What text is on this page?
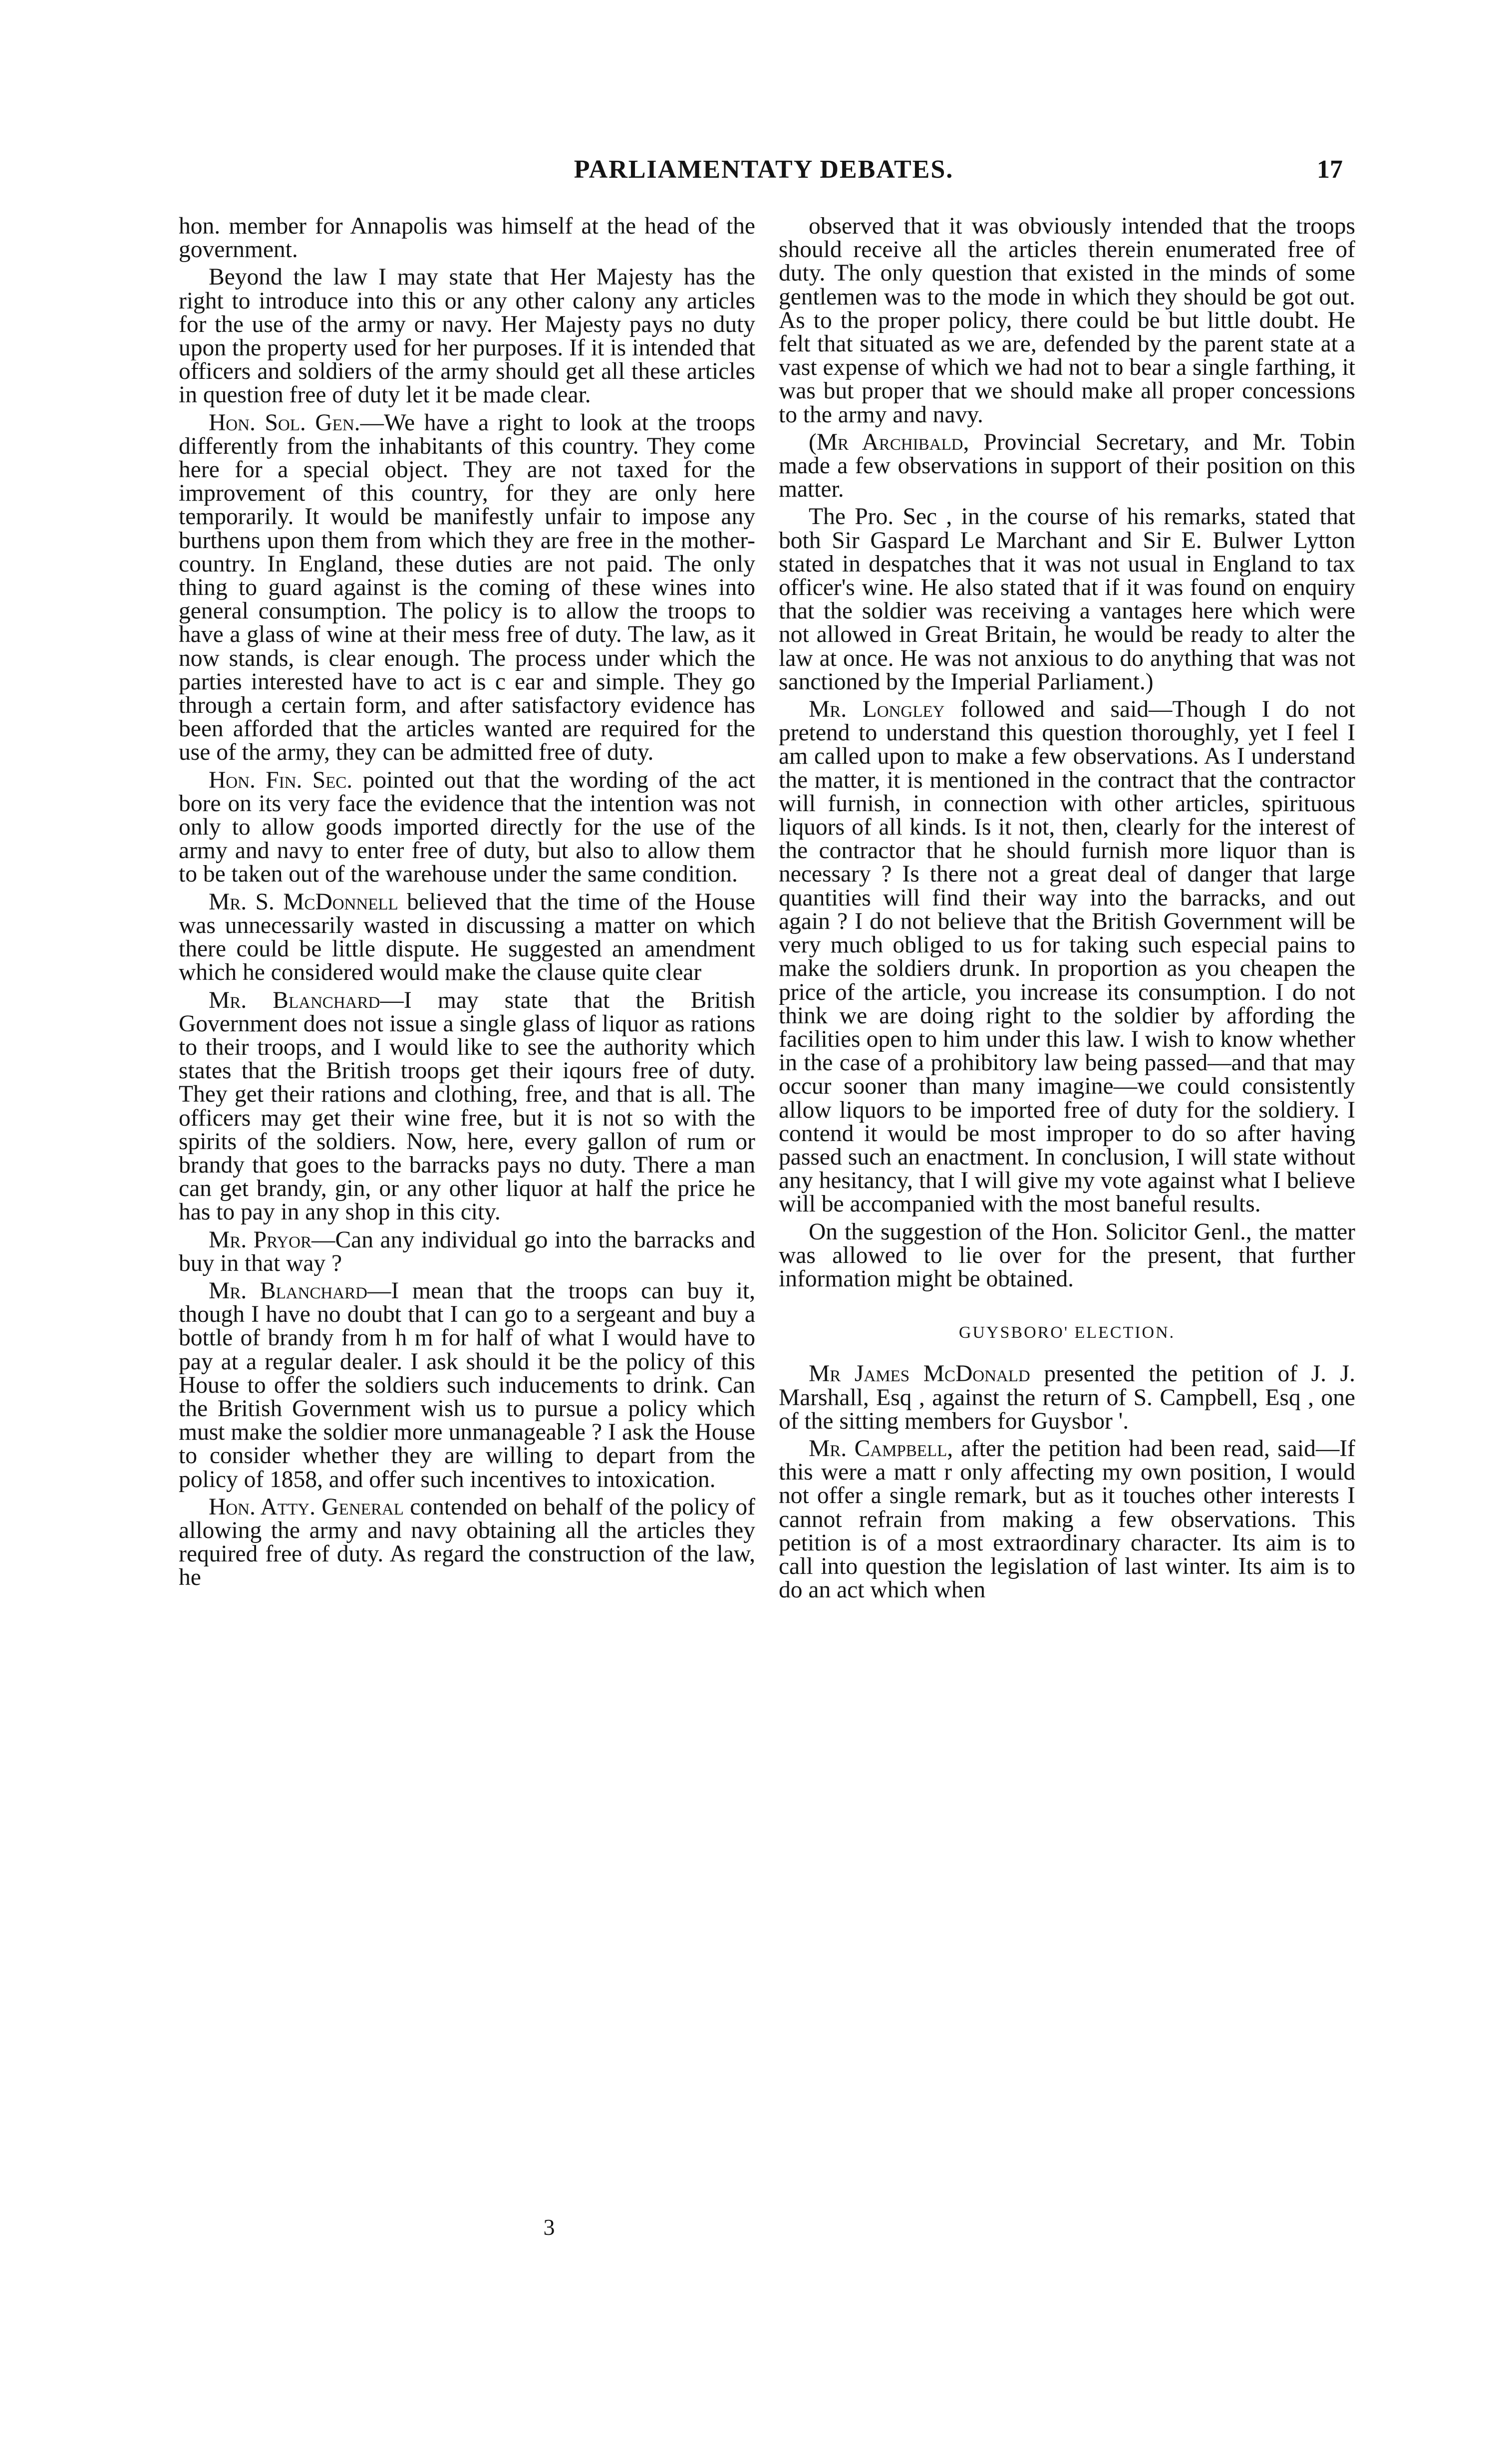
PARLIAMENTATY DEBATES.	17

hon. member for Annapolis was himself at the head of the government.

Beyond the law I may state that Her Majesty has the right to introduce into this or any other calony any articles for the use of the army or navy. Her Majesty pays no duty upon the property used for her purposes. If it is intended that officers and soldiers of the army should get all these articles in question free of duty let it be made clear.

Hon. Sol. Gen.—We have a right to look at the troops differently from the inhabitants of this country. They come here for a special object. They are not taxed for the improvement of this country, for they are only here temporarily. It would be manifestly unfair to impose any burthens upon them from which they are free in the mother-country. In England, these duties are not paid. The only thing to guard against is the coming of these wines into general consumption. The policy is to allow the troops to have a glass of wine at their mess free of duty. The law, as it now stands, is clear enough. The process under which the parties interested have to act is c ear and simple. They go through a certain form, and after satisfactory evidence has been afforded that the articles wanted are required for the use of the army, they can be admitted free of duty.

Hon. Fin. Sec. pointed out that the wording of the act bore on its very face the evidence that the intention was not only to allow goods imported directly for the use of the army and navy to enter free of duty, but also to allow them to be taken out of the warehouse under the same condition.

Mr. S. McDonnell believed that the time of the House was unnecessarily wasted in discussing a matter on which there could be little dispute. He suggested an amendment which he considered would make the clause quite clear

Mr. Blanchard—I may state that the British Government does not issue a single glass of liquor as rations to their troops, and I would like to see the authority which states that the British troops get their iqours free of duty. They get their rations and clothing, free, and that is all. The officers may get their wine free, but it is not so with the spirits of the soldiers. Now, here, every gallon of rum or brandy that goes to the barracks pays no duty. There a man can get brandy, gin, or any other liquor at half the price he has to pay in any shop in this city.

Mr. Pryor—Can any individual go into the barracks and buy in that way ?

Mr. Blanchard—I mean that the troops can buy it, though I have no doubt that I can go to a sergeant and buy a bottle of brandy from h m for half of what I would have to pay at a regular dealer. I ask should it be the policy of this House to offer the soldiers such inducements to drink. Can the British Government wish us to pursue a policy which must make the soldier more unmanageable ? I ask the House to consider whether they are willing to depart from the policy of 1858, and offer such incentives to intoxication.

Hon. Atty. General contended on behalf of the policy of allowing the army and navy obtaining all the articles they required free of duty. As regard the construction of the law, he

observed that it was obviously intended that the troops should receive all the articles therein enumerated free of duty. The only question that existed in the minds of some gentlemen was to the mode in which they should be got out. As to the proper policy, there could be but little doubt. He felt that situated as we are, defended by the parent state at a vast expense of which we had not to bear a single farthing, it was but proper that we should make all proper concessions to the army and navy.

(Mr Archibald, Provincial Secretary, and Mr. Tobin made a few observations in support of their position on this matter.

The Pro. Sec , in the course of his remarks, stated that both Sir Gaspard Le Marchant and Sir E. Bulwer Lytton stated in despatches that it was not usual in England to tax officer's wine. He also stated that if it was found on enquiry that the soldier was receiving a vantages here which were not allowed in Great Britain, he would be ready to alter the law at once. He was not anxious to do anything that was not sanctioned by the Imperial Parliament.)

Mr. Longley followed and said—Though I do not pretend to understand this question thoroughly, yet I feel I am called upon to make a few observations. As I understand the matter, it is mentioned in the contract that the contractor will furnish, in connection with other articles, spirituous liquors of all kinds. Is it not, then, clearly for the interest of the contractor that he should furnish more liquor than is necessary ? Is there not a great deal of danger that large quantities will find their way into the barracks, and out again ? I do not believe that the British Government will be very much obliged to us for taking such especial pains to make the soldiers drunk. In proportion as you cheapen the price of the article, you increase its consumption. I do not think we are doing right to the soldier by affording the facilities open to him under this law. I wish to know whether in the case of a prohibitory law being passed—and that may occur sooner than many imagine—we could consistently allow liquors to be imported free of duty for the soldiery. I contend it would be most improper to do so after having passed such an enactment. In conclusion, I will state without any hesitancy, that I will give my vote against what I believe will be accompanied with the most baneful results.

On the suggestion of the Hon. Solicitor Genl., the matter was allowed to lie over for the present, that further information might be obtained.

GUYSBORO' ELECTION.

Mr James McDonald presented the petition of J. J. Marshall, Esq , against the return of S. Campbell, Esq , one of the sitting members for Guysbor '.

Mr. Campbell, after the petition had been read, said—If this were a matt r only affecting my own position, I would not offer a single remark, but as it touches other interests I cannot refrain from making a few observations. This petition is of a most extraordinary character. Its aim is to call into question the legislation of last winter. Its aim is to do an act which when

3
